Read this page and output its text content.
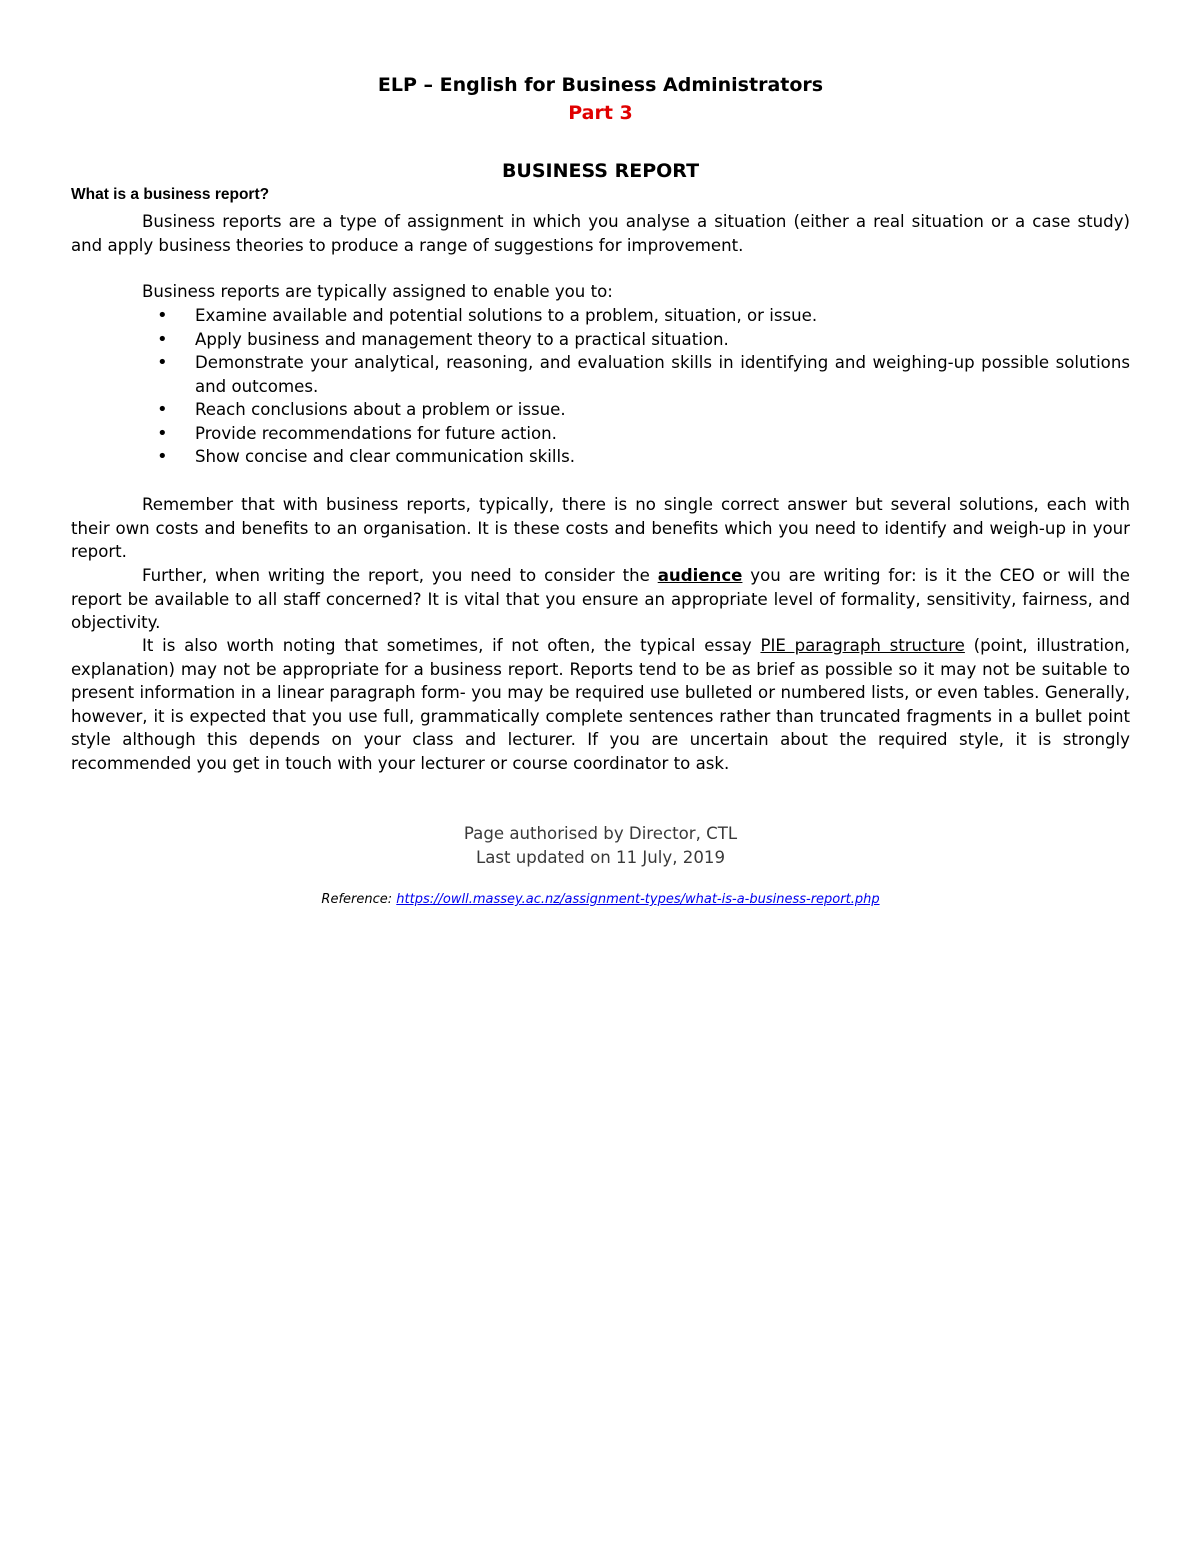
ELP – English for Business Administrators
Part 3
BUSINESS REPORT
What is a business report?
Business reports are a type of assignment in which you analyse a situation (either a real situation or a case study) and apply business theories to produce a range of suggestions for improvement.
Business reports are typically assigned to enable you to:
• Examine available and potential solutions to a problem, situation, or issue.
• Apply business and management theory to a practical situation.
• Demonstrate your analytical, reasoning, and evaluation skills in identifying and weighing-up possible solutions and outcomes.
• Reach conclusions about a problem or issue.
• Provide recommendations for future action.
• Show concise and clear communication skills.
Remember that with business reports, typically, there is no single correct answer but several solutions, each with their own costs and benefits to an organisation. It is these costs and benefits which you need to identify and weigh-up in your report.
Further, when writing the report, you need to consider the audience you are writing for: is it the CEO or will the report be available to all staff concerned? It is vital that you ensure an appropriate level of formality, sensitivity, fairness, and objectivity.
It is also worth noting that sometimes, if not often, the typical essay PIE paragraph structure (point, illustration, explanation) may not be appropriate for a business report. Reports tend to be as brief as possible so it may not be suitable to present information in a linear paragraph form- you may be required use bulleted or numbered lists, or even tables. Generally, however, it is expected that you use full, grammatically complete sentences rather than truncated fragments in a bullet point style although this depends on your class and lecturer. If you are uncertain about the required style, it is strongly recommended you get in touch with your lecturer or course coordinator to ask.
Page authorised by Director, CTL
Last updated on 11 July, 2019
Reference: https://owll.massey.ac.nz/assignment-types/what-is-a-business-report.php
